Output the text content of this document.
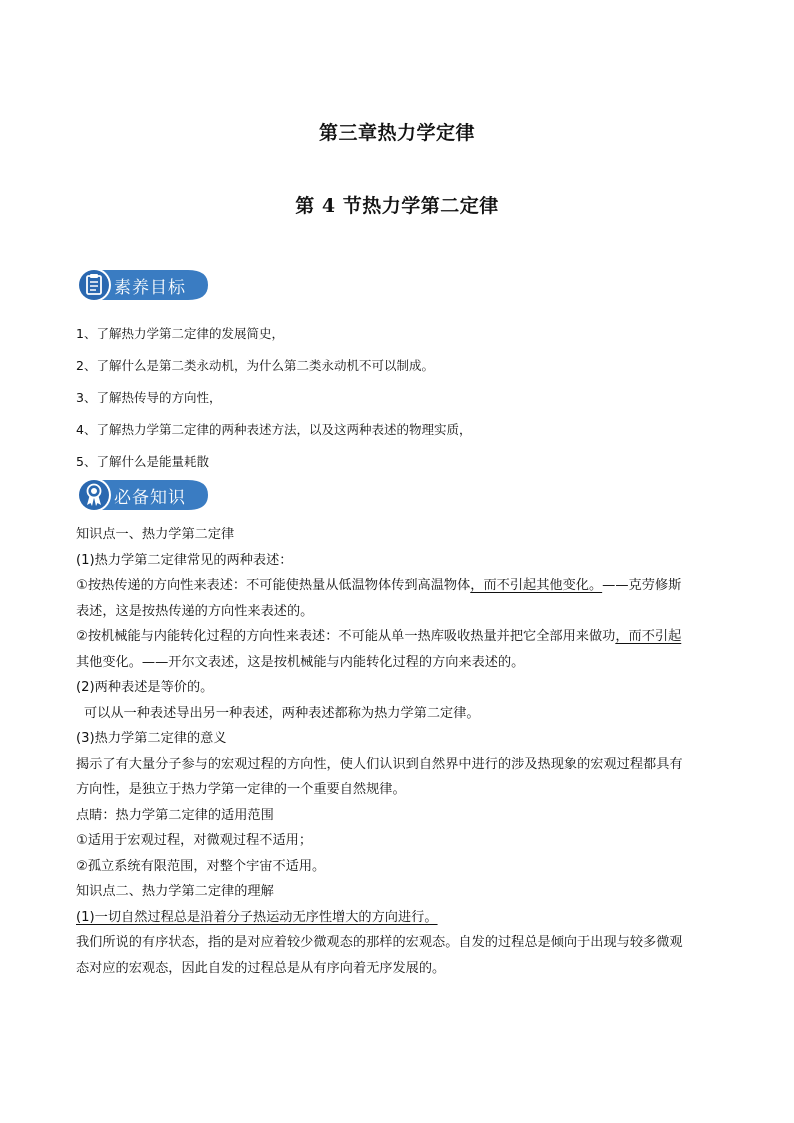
第三章热力学定律
第 4 节热力学第二定律
素养目标
1、了解热力学第二定律的发展简史，
2、了解什么是第二类永动机，为什么第二类永动机不可以制成。
3、了解热传导的方向性，
4、了解热力学第二定律的两种表述方法，以及这两种表述的物理实质，
5、了解什么是能量耗散
必备知识
知识点一、热力学第二定律
(1)热力学第二定律常见的两种表述：
①按热传递的方向性来表述：不可能使热量从低温物体传到高温物体，而不引起其他变化。——克劳修斯
表述，这是按热传递的方向性来表述的。
②按机械能与内能转化过程的方向性来表述：不可能从单一热库吸收热量并把它全部用来做功，而不引起
其他变化。——开尔文表述，这是按机械能与内能转化过程的方向来表述的。
(2)两种表述是等价的。
可以从一种表述导出另一种表述，两种表述都称为热力学第二定律。
(3)热力学第二定律的意义
揭示了有大量分子参与的宏观过程的方向性，使人们认识到自然界中进行的涉及热现象的宏观过程都具有
方向性，是独立于热力学第一定律的一个重要自然规律。
点睛：热力学第二定律的适用范围
①适用于宏观过程，对微观过程不适用；
②孤立系统有限范围，对整个宇宙不适用。
知识点二、热力学第二定律的理解
(1)一切自然过程总是沿着分子热运动无序性增大的方向进行。
我们所说的有序状态，指的是对应着较少微观态的那样的宏观态。自发的过程总是倾向于出现与较多微观
态对应的宏观态，因此自发的过程总是从有序向着无序发展的。
